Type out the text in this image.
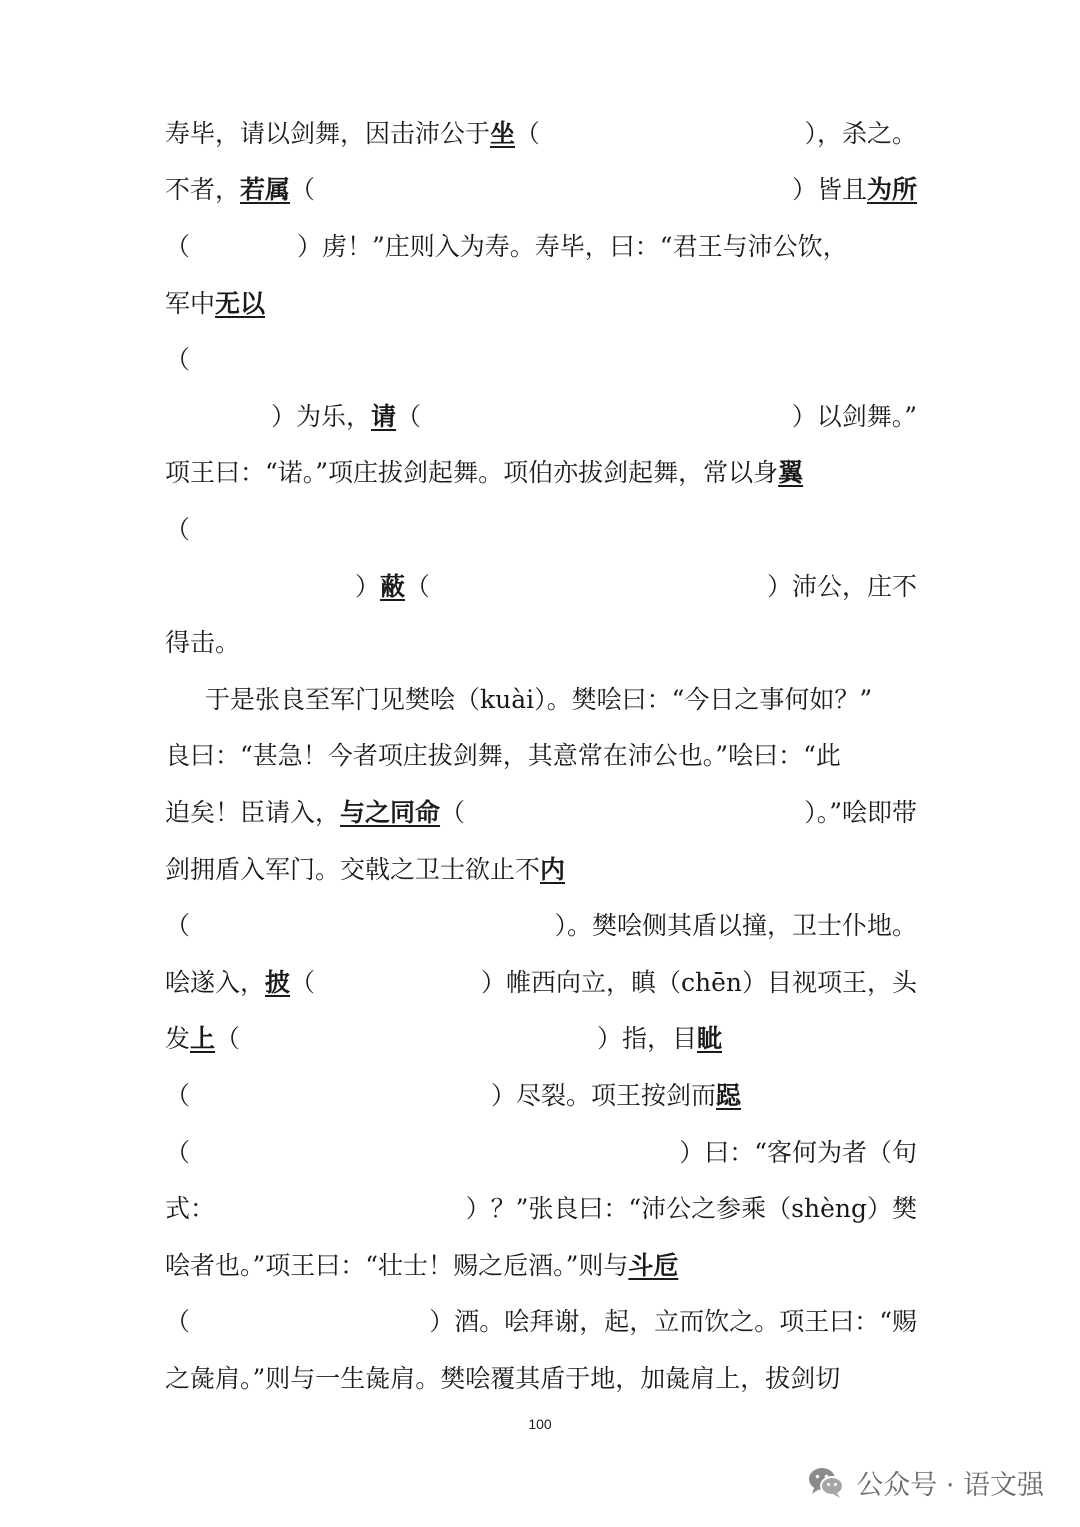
寿毕，请以剑舞，因击沛公于坐（	），杀之。
不者，若属（	）皆且为所
（	）虏！”庄则入为寿。寿毕，曰：“君王与沛公饮，
军中无以
（
）为乐，请（	）以剑舞。”
项王曰：“诺。”项庄拔剑起舞。项伯亦拔剑起舞，常以身翼
（
）蔽（	）沛公，庄不
得击。
于是张良至军门见樊哙（kuài）。樊哙曰：“今日之事何如？”
良曰：“甚急！今者项庄拔剑舞，其意常在沛公也。”哙曰：“此
迫矣！臣请入，与之同命（	）。”哙即带
剑拥盾入军门。交戟之卫士欲止不内
（	）。樊哙侧其盾以撞，卫士仆地。
哙遂入，披（	）帷西向立，瞋（chēn）目视项王，头
发上（	）指，目眦
（	）尽裂。项王按剑而跽
（	）曰：“客何为者（句
式：	）？”张良曰：“沛公之参乘（shèng）樊
哙者也。”项王曰：“壮士！赐之卮酒。”则与斗卮
（	）酒。哙拜谢，起，立而饮之。项王曰：“赐
之彘肩。”则与一生彘肩。樊哙覆其盾于地，加彘肩上，拔剑切
100
公众号 · 语文强
